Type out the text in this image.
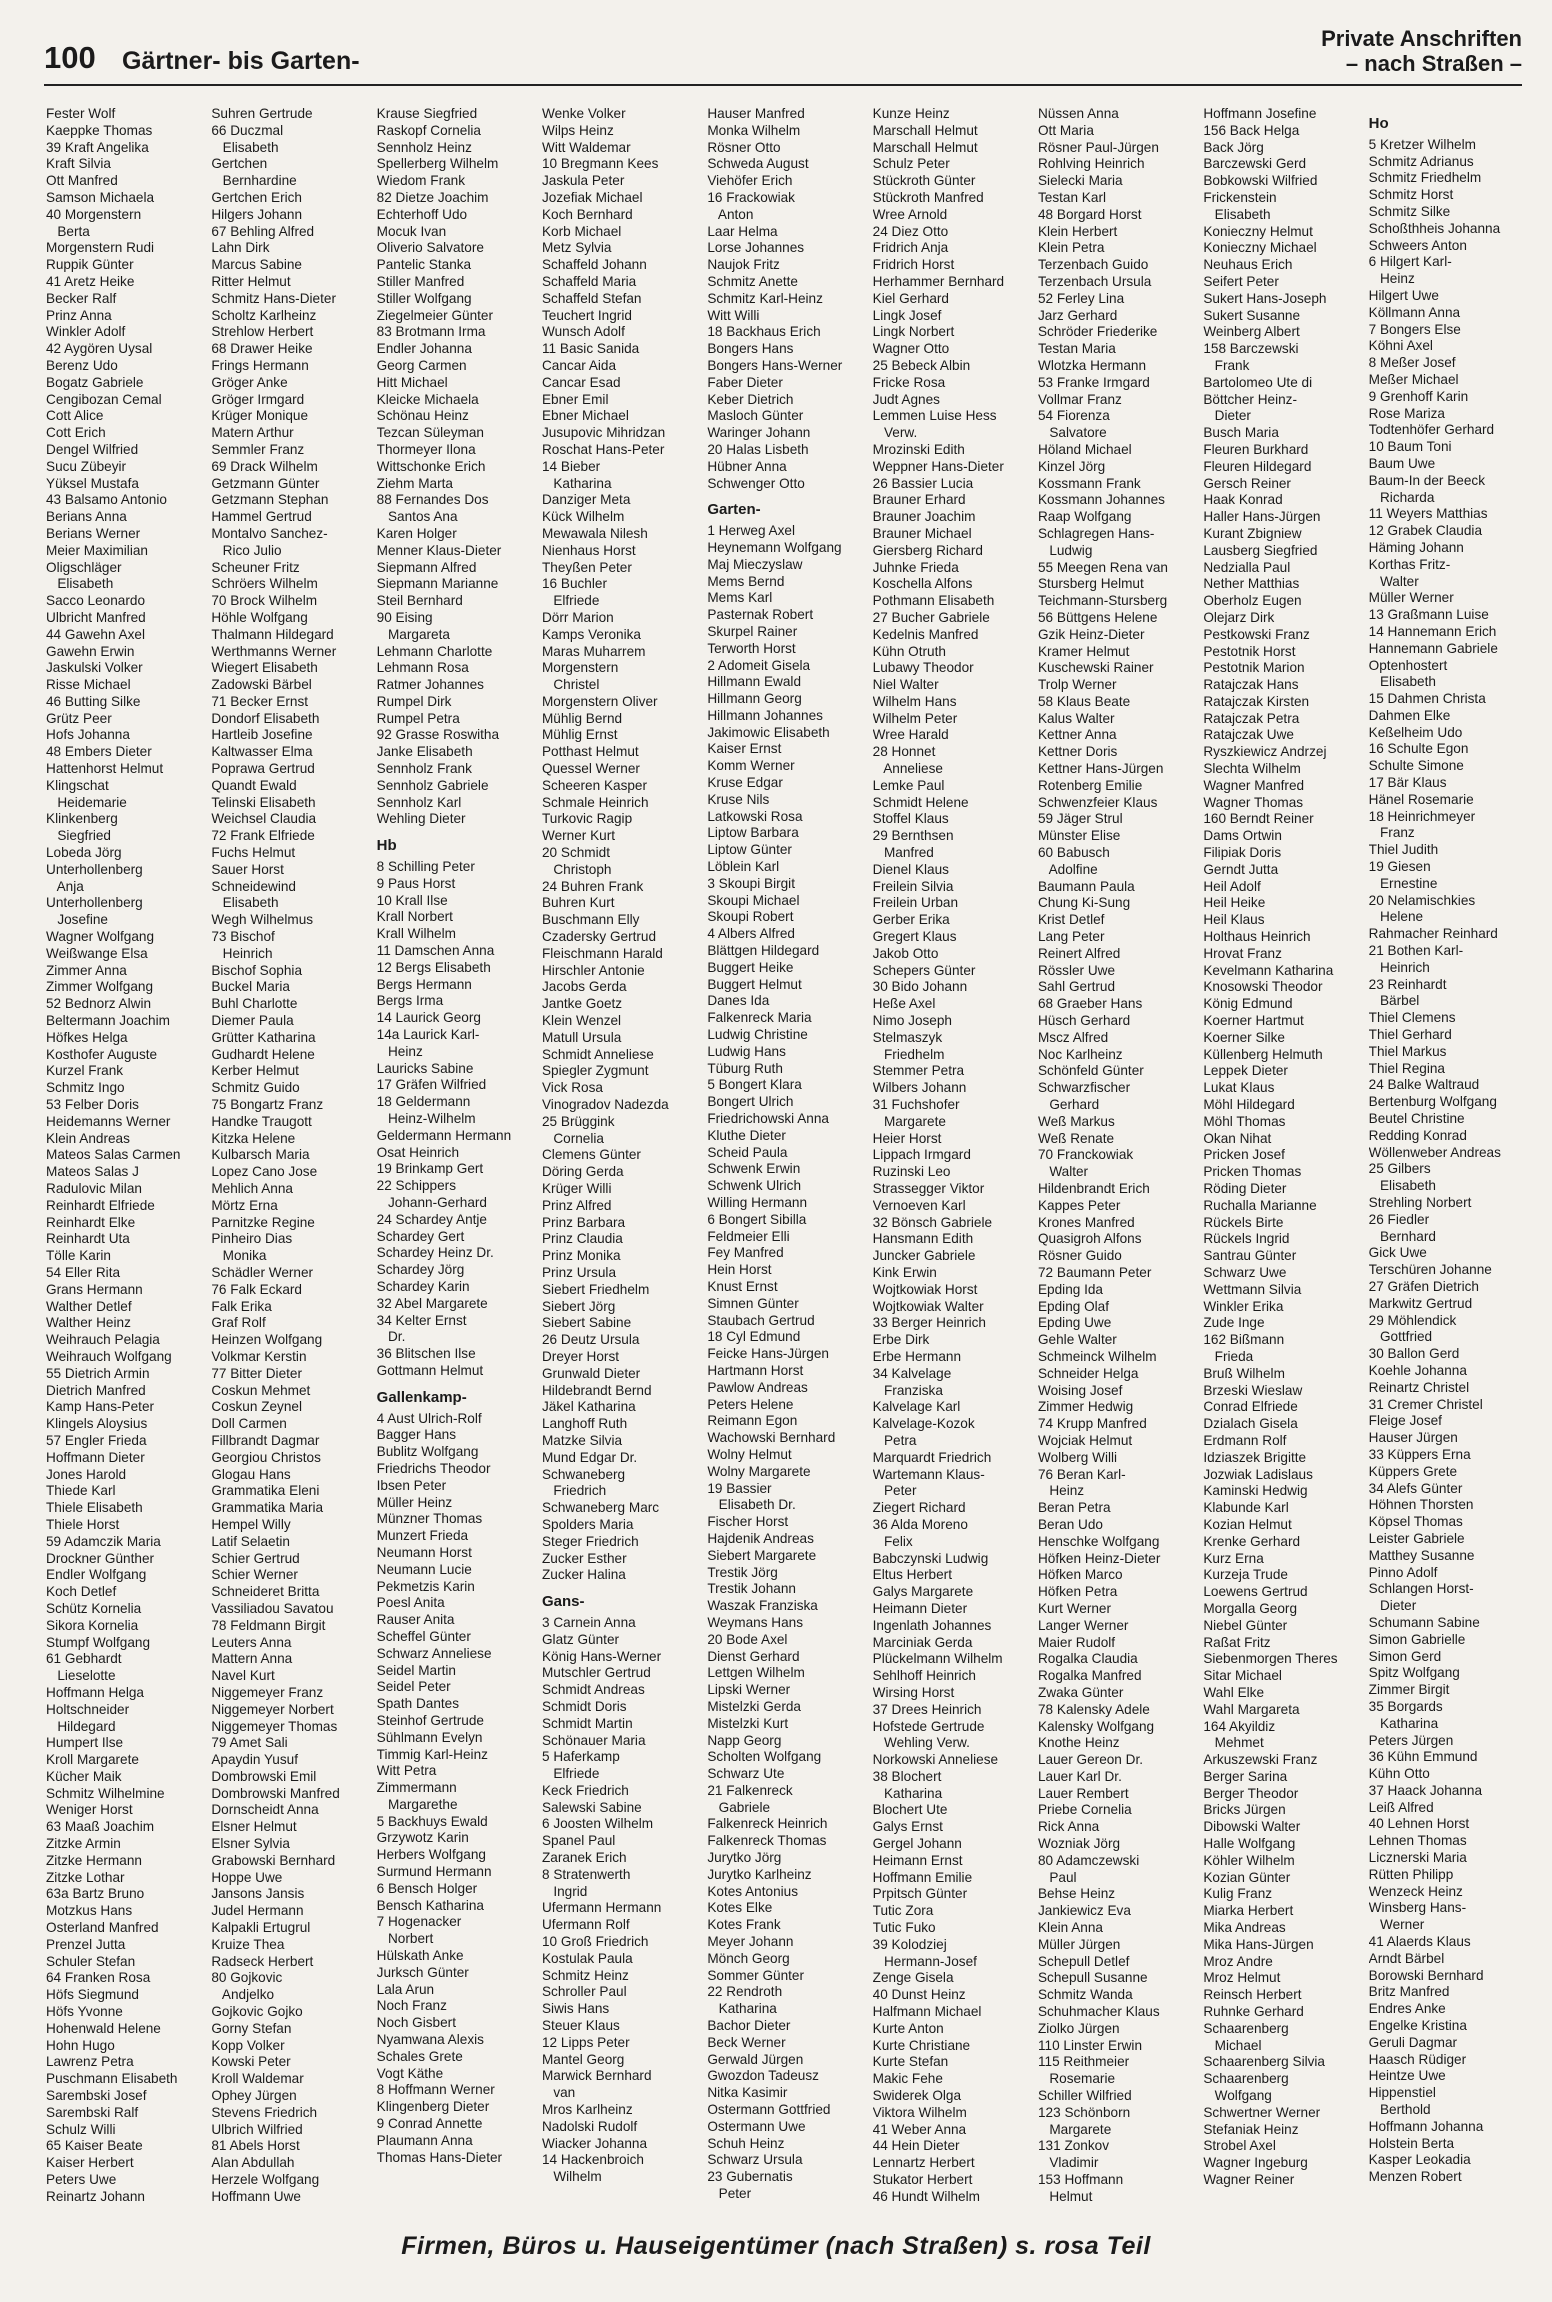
100 Gärtner- bis Garten-
Private Anschriften
– nach Straßen –
Fester Wolf
Kaeppke Thomas
39 Kraft Angelika
Kraft Silvia
Ott Manfred
Samson Michaela
40 Morgenstern
Berta
Morgenstern Rudi
Ruppik Günter
41 Aretz Heike
Becker Ralf
Prinz Anna
Winkler Adolf
42 Aygören Uysal
Berenz Udo
Bogatz Gabriele
Cengibozan Cemal
Cott Alice
Cott Erich
Dengel Wilfried
Sucu Zübeyir
Yüksel Mustafa
43 Balsamo Antonio
Berians Anna
Berians Werner
Meier Maximilian
Oligschläger
Elisabeth
Sacco Leonardo
Ulbricht Manfred
44 Gawehn Axel
Gawehn Erwin
Jaskulski Volker
Risse Michael
46 Butting Silke
Grütz Peer
Hofs Johanna
48 Embers Dieter
Hattenhorst Helmut
Klingschat
Heidemarie
Klinkenberg
Siegfried
Lobeda Jörg
Unterhollenberg
Anja
Unterhollenberg
Josefine
Wagner Wolfgang
Weißwange Elsa
Zimmer Anna
Zimmer Wolfgang
52 Bednorz Alwin
Beltermann Joachim
Höfkes Helga
Kosthofer Auguste
Kurzel Frank
Schmitz Ingo
53 Felber Doris
Heidemanns Werner
Klein Andreas
Mateos Salas Carmen
Mateos Salas J
Radulovic Milan
Reinhardt Elfriede
Reinhardt Elke
Reinhardt Uta
Tölle Karin
54 Eller Rita
Grans Hermann
Walther Detlef
Walther Heinz
Weihrauch Pelagia
Weihrauch Wolfgang
55 Dietrich Armin
Dietrich Manfred
Kamp Hans-Peter
Klingels Aloysius
57 Engler Frieda
Hoffmann Dieter
Jones Harold
Thiede Karl
Thiele Elisabeth
Thiele Horst
59 Adamczik Maria
Drockner Günther
Endler Wolfgang
Koch Detlef
Schütz Kornelia
Sikora Kornelia
Stumpf Wolfgang
61 Gebhardt
Lieselotte
Hoffmann Helga
Holtschneider
Hildegard
Humpert Ilse
Kroll Margarete
Kücher Maik
Schmitz Wilhelmine
Weniger Horst
63 Maaß Joachim
Zitzke Armin
Zitzke Hermann
Zitzke Lothar
63a Bartz Bruno
Motzkus Hans
Osterland Manfred
Prenzel Jutta
Schuler Stefan
64 Franken Rosa
Höfs Siegmund
Höfs Yvonne
Hohenwald Helene
Hohn Hugo
Lawrenz Petra
Puschmann Elisabeth
Sarembski Josef
Sarembski Ralf
Schulz Willi
65 Kaiser Beate
Kaiser Herbert
Peters Uwe
Reinartz Johann
Suhren Gertrude
66 Duczmal
Elisabeth
Gertchen
Bernhardine
Gertchen Erich
Hilgers Johann
67 Behling Alfred
Lahn Dirk
Marcus Sabine
Ritter Helmut
Schmitz Hans-Dieter
Scholtz Karlheinz
Strehlow Herbert
68 Drawer Heike
Frings Hermann
Gröger Anke
Gröger Irmgard
Krüger Monique
Matern Arthur
Semmler Franz
69 Drack Wilhelm
Getzmann Günter
Getzmann Stephan
Hammel Gertrud
Montalvo Sanchez-
Rico Julio
Scheuner Fritz
Schröers Wilhelm
70 Brock Wilhelm
Höhle Wolfgang
Thalmann Hildegard
Werthmanns Werner
Wiegert Elisabeth
Zadowski Bärbel
71 Becker Ernst
Dondorf Elisabeth
Hartleib Josefine
Kaltwasser Elma
Poprawa Gertrud
Quandt Ewald
Telinski Elisabeth
Weichsel Claudia
72 Frank Elfriede
Fuchs Helmut
Sauer Horst
Schneidewind
Elisabeth
Wegh Wilhelmus
73 Bischof
Heinrich
Bischof Sophia
Buckel Maria
Buhl Charlotte
Diemer Paula
Grütter Katharina
Gudhardt Helene
Kerber Helmut
Schmitz Guido
75 Bongartz Franz
Handke Traugott
Kitzka Helene
Kulbarsch Maria
Lopez Cano Jose
Mehlich Anna
Mörtz Erna
Parnitzke Regine
Pinheiro Dias
Monika
Schädler Werner
76 Falk Eckard
Falk Erika
Graf Rolf
Heinzen Wolfgang
Volkmar Kerstin
77 Bitter Dieter
Coskun Mehmet
Coskun Zeynel
Doll Carmen
Fillbrandt Dagmar
Georgiou Christos
Glogau Hans
Grammatika Eleni
Grammatika Maria
Hempel Willy
Latif Selaetin
Schier Gertrud
Schier Werner
Schneideret Britta
Vassiliadou Savatou
78 Feldmann Birgit
Leuters Anna
Mattern Anna
Navel Kurt
Niggemeyer Franz
Niggemeyer Norbert
Niggemeyer Thomas
79 Amet Sali
Apaydin Yusuf
Dombrowski Emil
Dombrowski Manfred
Dornscheidt Anna
Elsner Helmut
Elsner Sylvia
Grabowski Bernhard
Hoppe Uwe
Jansons Jansis
Judel Hermann
Kalpakli Ertugrul
Kruize Thea
Radseck Herbert
80 Gojkovic
Andjelko
Gojkovic Gojko
Gorny Stefan
Kopp Volker
Kowski Peter
Kroll Waldemar
Ophey Jürgen
Stevens Friedrich
Ulbrich Wilfried
81 Abels Horst
Alan Abdullah
Herzele Wolfgang
Hoffmann Uwe
Krause Siegfried
Raskopf Cornelia
Sennholz Heinz
Spellerberg Wilhelm
Wiedom Frank
82 Dietze Joachim
Echterhoff Udo
Mocuk Ivan
Oliverio Salvatore
Pantelic Stanka
Stiller Manfred
Stiller Wolfgang
Ziegelmeier Günter
83 Brotmann Irma
Endler Johanna
Georg Carmen
Hitt Michael
Kleicke Michaela
Schönau Heinz
Tezcan Süleyman
Thormeyer Ilona
Wittschonke Erich
Ziehm Marta
88 Fernandes Dos
Santos Ana
Karen Holger
Menner Klaus-Dieter
Siepmann Alfred
Siepmann Marianne
Steil Bernhard
90 Eising
Margareta
Lehmann Charlotte
Lehmann Rosa
Ratmer Johannes
Rumpel Dirk
Rumpel Petra
92 Grasse Roswitha
Janke Elisabeth
Sennholz Frank
Sennholz Gabriele
Sennholz Karl
Wehling Dieter
Hb
8 Schilling Peter
9 Paus Horst
10 Krall Ilse
Krall Norbert
Krall Wilhelm
11 Damschen Anna
12 Bergs Elisabeth
Bergs Hermann
Bergs Irma
14 Laurick Georg
14a Laurick Karl-
Heinz
Lauricks Sabine
17 Gräfen Wilfried
18 Geldermann
Heinz-Wilhelm
Geldermann Hermann
Osat Heinrich
19 Brinkamp Gert
22 Schippers
Johann-Gerhard
24 Schardey Antje
Schardey Gert
Schardey Heinz Dr.
Schardey Jörg
Schardey Karin
32 Abel Margarete
34 Kelter Ernst
Dr.
36 Blitschen Ilse
Gottmann Helmut
Gallenkamp-
4 Aust Ulrich-Rolf
Bagger Hans
Bublitz Wolfgang
Friedrichs Theodor
Ibsen Peter
Müller Heinz
Münzner Thomas
Munzert Frieda
Neumann Horst
Neumann Lucie
Pekmetzis Karin
Poesl Anita
Rauser Anita
Scheffel Günter
Schwarz Anneliese
Seidel Martin
Seidel Peter
Spath Dantes
Steinhof Gertrude
Sühlmann Evelyn
Timmig Karl-Heinz
Witt Petra
Zimmermann
Margarethe
5 Backhuys Ewald
Grzywotz Karin
Herbers Wolfgang
Surmund Hermann
6 Bensch Holger
Bensch Katharina
7 Hogenacker
Norbert
Hülskath Anke
Jurksch Günter
Lala Arun
Noch Franz
Noch Gisbert
Nyamwana Alexis
Schales Grete
Vogt Käthe
8 Hoffmann Werner
Klingenberg Dieter
9 Conrad Annette
Plaumann Anna
Thomas Hans-Dieter
Wenke Volker
Wilps Heinz
Witt Waldemar
10 Bregmann Kees
Jaskula Peter
Jozefiak Michael
Koch Bernhard
Korb Michael
Metz Sylvia
Schaffeld Johann
Schaffeld Maria
Schaffeld Stefan
Teuchert Ingrid
Wunsch Adolf
11 Basic Sanida
Cancar Aida
Cancar Esad
Ebner Emil
Ebner Michael
Jusupovic Mihridzan
Roschat Hans-Peter
14 Bieber
Katharina
Danziger Meta
Kück Wilhelm
Mewawala Nilesh
Nienhaus Horst
Theyßen Peter
16 Buchler
Elfriede
Dörr Marion
Kamps Veronika
Maras Muharrem
Morgenstern
Christel
Morgenstern Oliver
Mühlig Bernd
Mühlig Ernst
Potthast Helmut
Quessel Werner
Scheeren Kasper
Schmale Heinrich
Turkovic Ragip
Werner Kurt
20 Schmidt
Christoph
24 Buhren Frank
Buhren Kurt
Buschmann Elly
Czadersky Gertrud
Fleischmann Harald
Hirschler Antonie
Jacobs Gerda
Jantke Goetz
Klein Wenzel
Matull Ursula
Schmidt Anneliese
Spiegler Zygmunt
Vick Rosa
Vinogradov Nadezda
25 Brüggink
Cornelia
Clemens Günter
Döring Gerda
Krüger Willi
Prinz Alfred
Prinz Barbara
Prinz Claudia
Prinz Monika
Prinz Ursula
Siebert Friedhelm
Siebert Jörg
Siebert Sabine
26 Deutz Ursula
Dreyer Horst
Grunwald Dieter
Hildebrandt Bernd
Jäkel Katharina
Langhoff Ruth
Matzke Silvia
Mund Edgar Dr.
Schwaneberg
Friedrich
Schwaneberg Marc
Spolders Maria
Steger Friedrich
Zucker Esther
Zucker Halina
Gans-
3 Carnein Anna
Glatz Günter
König Hans-Werner
Mutschler Gertrud
Schmidt Andreas
Schmidt Doris
Schmidt Martin
Schönauer Maria
5 Haferkamp
Elfriede
Keck Friedrich
Salewski Sabine
6 Joosten Wilhelm
Spanel Paul
Zaranek Erich
8 Stratenwerth
Ingrid
Ufermann Hermann
Ufermann Rolf
10 Groß Friedrich
Kostulak Paula
Schmitz Heinz
Schroller Paul
Siwis Hans
Steuer Klaus
12 Lipps Peter
Mantel Georg
Marwick Bernhard
van
Mros Karlheinz
Nadolski Rudolf
Wiacker Johanna
14 Hackenbroich
Wilhelm
Hauser Manfred
Monka Wilhelm
Rösner Otto
Schweda August
Viehöfer Erich
16 Frackowiak
Anton
Laar Helma
Lorse Johannes
Naujok Fritz
Schmitz Anette
Schmitz Karl-Heinz
Witt Willi
18 Backhaus Erich
Bongers Hans
Bongers Hans-Werner
Faber Dieter
Keber Dietrich
Masloch Günter
Waringer Johann
20 Halas Lisbeth
Hübner Anna
Schwenger Otto
Garten-
1 Herweg Axel
Heynemann Wolfgang
Maj Mieczyslaw
Mems Bernd
Mems Karl
Pasternak Robert
Skurpel Rainer
Terworth Horst
2 Adomeit Gisela
Hillmann Ewald
Hillmann Georg
Hillmann Johannes
Jakimowic Elisabeth
Kaiser Ernst
Komm Werner
Kruse Edgar
Kruse Nils
Latkowski Rosa
Liptow Barbara
Liptow Günter
Löblein Karl
3 Skoupi Birgit
Skoupi Michael
Skoupi Robert
4 Albers Alfred
Blättgen Hildegard
Buggert Heike
Buggert Helmut
Danes Ida
Falkenreck Maria
Ludwig Christine
Ludwig Hans
Tüburg Ruth
5 Bongert Klara
Bongert Ulrich
Friedrichowski Anna
Kluthe Dieter
Scheid Paula
Schwenk Erwin
Schwenk Ulrich
Willing Hermann
6 Bongert Sibilla
Feldmeier Elli
Fey Manfred
Hein Horst
Knust Ernst
Simnen Günter
Staubach Gertrud
18 Cyl Edmund
Feicke Hans-Jürgen
Hartmann Horst
Pawlow Andreas
Peters Helene
Reimann Egon
Wachowski Bernhard
Wolny Helmut
Wolny Margarete
19 Bassier
Elisabeth Dr.
Fischer Horst
Hajdenik Andreas
Siebert Margarete
Trestik Jörg
Trestik Johann
Waszak Franziska
Weymans Hans
20 Bode Axel
Dienst Gerhard
Lettgen Wilhelm
Lipski Werner
Mistelzki Gerda
Mistelzki Kurt
Napp Georg
Scholten Wolfgang
Schwarz Ute
21 Falkenreck
Gabriele
Falkenreck Heinrich
Falkenreck Thomas
Jurytko Jörg
Jurytko Karlheinz
Kotes Antonius
Kotes Elke
Kotes Frank
Meyer Johann
Mönch Georg
Sommer Günter
22 Rendroth
Katharina
Bachor Dieter
Beck Werner
Gerwald Jürgen
Gwozdon Tadeusz
Nitka Kasimir
Ostermann Gottfried
Ostermann Uwe
Schuh Heinz
Schwarz Ursula
23 Gubernatis
Peter
Kunze Heinz
Marschall Helmut
Marschall Helmut
Schulz Peter
Stückroth Günter
Stückroth Manfred
Wree Arnold
24 Diez Otto
Fridrich Anja
Fridrich Horst
Herhammer Bernhard
Kiel Gerhard
Lingk Josef
Lingk Norbert
Wagner Otto
25 Bebeck Albin
Fricke Rosa
Judt Agnes
Lemmen Luise Hess
Verw.
Mrozinski Edith
Weppner Hans-Dieter
26 Bassier Lucia
Brauner Erhard
Brauner Joachim
Brauner Michael
Giersberg Richard
Juhnke Frieda
Koschella Alfons
Pothmann Elisabeth
27 Bucher Gabriele
Kedelnis Manfred
Kühn Otruth
Lubawy Theodor
Niel Walter
Wilhelm Hans
Wilhelm Peter
Wree Harald
28 Honnet
Anneliese
Lemke Paul
Schmidt Helene
Stoffel Klaus
29 Bernthsen
Manfred
Dienel Klaus
Freilein Silvia
Freilein Urban
Gerber Erika
Gregert Klaus
Jakob Otto
Schepers Günter
30 Bido Johann
Heße Axel
Nimo Joseph
Stelmaszyk
Friedhelm
Stemmer Petra
Wilbers Johann
31 Fuchshofer
Margarete
Heier Horst
Lippach Irmgard
Ruzinski Leo
Strassegger Viktor
Vernoeven Karl
32 Bönsch Gabriele
Hansmann Edith
Juncker Gabriele
Kink Erwin
Wojtkowiak Horst
Wojtkowiak Walter
33 Berger Heinrich
Erbe Dirk
Erbe Hermann
34 Kalvelage
Franziska
Kalvelage Karl
Kalvelage-Kozok
Petra
Marquardt Friedrich
Wartemann Klaus-
Peter
Ziegert Richard
36 Alda Moreno
Felix
Babczynski Ludwig
Eltus Herbert
Galys Margarete
Heimann Dieter
Ingenlath Johannes
Marciniak Gerda
Plückelmann Wilhelm
Sehlhoff Heinrich
Wirsing Horst
37 Drees Heinrich
Hofstede Gertrude
Wehling Verw.
Norkowski Anneliese
38 Blochert
Katharina
Blochert Ute
Galys Ernst
Gergel Johann
Heimann Ernst
Hoffmann Emilie
Prpitsch Günter
Tutic Zora
Tutic Fuko
39 Kolodziej
Hermann-Josef
Zenge Gisela
40 Dunst Heinz
Halfmann Michael
Kurte Anton
Kurte Christiane
Kurte Stefan
Makic Fehe
Swiderek Olga
Viktora Wilhelm
41 Weber Anna
44 Hein Dieter
Lennartz Herbert
Stukator Herbert
46 Hundt Wilhelm
Nüssen Anna
Ott Maria
Rösner Paul-Jürgen
Rohlving Heinrich
Sielecki Maria
Testan Karl
48 Borgard Horst
Klein Herbert
Klein Petra
Terzenbach Guido
Terzenbach Ursula
52 Ferley Lina
Jarz Gerhard
Schröder Friederike
Testan Maria
Wlotzka Hermann
53 Franke Irmgard
Vollmar Franz
54 Fiorenza
Salvatore
Höland Michael
Kinzel Jörg
Kossmann Frank
Kossmann Johannes
Raap Wolfgang
Schlagregen Hans-
Ludwig
55 Meegen Rena van
Stursberg Helmut
Teichmann-Stursberg
56 Büttgens Helene
Gzik Heinz-Dieter
Kramer Helmut
Kuschewski Rainer
Trolp Werner
58 Klaus Beate
Kalus Walter
Kettner Anna
Kettner Doris
Kettner Hans-Jürgen
Rotenberg Emilie
Schwenzfeier Klaus
59 Jäger Strul
Münster Elise
60 Babusch
Adolfine
Baumann Paula
Chung Ki-Sung
Krist Detlef
Lang Peter
Reinert Alfred
Rössler Uwe
Sahl Gertrud
68 Graeber Hans
Hüsch Gerhard
Mscz Alfred
Noc Karlheinz
Schönfeld Günter
Schwarzfischer
Gerhard
Weß Markus
Weß Renate
70 Franckowiak
Walter
Hildenbrandt Erich
Kappes Peter
Krones Manfred
Quasigroh Alfons
Rösner Guido
72 Baumann Peter
Epding Ida
Epding Olaf
Epding Uwe
Gehle Walter
Schmeinck Wilhelm
Schneider Helga
Woising Josef
Zimmer Hedwig
74 Krupp Manfred
Wojciak Helmut
Wolberg Willi
76 Beran Karl-
Heinz
Beran Petra
Beran Udo
Henschke Wolfgang
Höfken Heinz-Dieter
Höfken Marco
Höfken Petra
Kurt Werner
Langer Werner
Maier Rudolf
Rogalka Claudia
Rogalka Manfred
Zwaka Günter
78 Kalensky Adele
Kalensky Wolfgang
Knothe Heinz
Lauer Gereon Dr.
Lauer Karl Dr.
Lauer Rembert
Priebe Cornelia
Rick Anna
Wozniak Jörg
80 Adamczewski
Paul
Behse Heinz
Jankiewicz Eva
Klein Anna
Müller Jürgen
Schepull Detlef
Schepull Susanne
Schmitz Wanda
Schuhmacher Klaus
Ziolko Jürgen
110 Linster Erwin
115 Reithmeier
Rosemarie
Schiller Wilfried
123 Schönborn
Margarete
131 Zonkov
Vladimir
153 Hoffmann
Helmut
Hoffmann Josefine
156 Back Helga
Back Jörg
Barczewski Gerd
Bobkowski Wilfried
Frickenstein
Elisabeth
Konieczny Helmut
Konieczny Michael
Neuhaus Erich
Seifert Peter
Sukert Hans-Joseph
Sukert Susanne
Weinberg Albert
158 Barczewski
Frank
Bartolomeo Ute di
Böttcher Heinz-
Dieter
Busch Maria
Fleuren Burkhard
Fleuren Hildegard
Gersch Reiner
Haak Konrad
Haller Hans-Jürgen
Kurant Zbigniew
Lausberg Siegfried
Nedzialla Paul
Nether Matthias
Oberholz Eugen
Olejarz Dirk
Pestkowski Franz
Pestotnik Horst
Pestotnik Marion
Ratajczak Hans
Ratajczak Kirsten
Ratajczak Petra
Ratajczak Uwe
Ryszkiewicz Andrzej
Slechta Wilhelm
Wagner Manfred
Wagner Thomas
160 Berndt Reiner
Dams Ortwin
Filipiak Doris
Gerndt Jutta
Heil Adolf
Heil Heike
Heil Klaus
Holthaus Heinrich
Hrovat Franz
Kevelmann Katharina
Knosowski Theodor
König Edmund
Koerner Hartmut
Koerner Silke
Küllenberg Helmuth
Leppek Dieter
Lukat Klaus
Möhl Hildegard
Möhl Thomas
Okan Nihat
Pricken Josef
Pricken Thomas
Röding Dieter
Ruchalla Marianne
Rückels Birte
Rückels Ingrid
Santrau Günter
Schwarz Uwe
Wettmann Silvia
Winkler Erika
Zude Inge
162 Bißmann
Frieda
Bruß Wilhelm
Brzeski Wieslaw
Conrad Elfriede
Dzialach Gisela
Erdmann Rolf
Idziaszek Brigitte
Jozwiak Ladislaus
Kaminski Hedwig
Klabunde Karl
Kozian Helmut
Krenke Gerhard
Kurz Erna
Kurzeja Trude
Loewens Gertrud
Morgalla Georg
Niebel Günter
Raßat Fritz
Siebenmorgen Theres
Sitar Michael
Wahl Elke
Wahl Margareta
164 Akyildiz
Mehmet
Arkuszewski Franz
Berger Sarina
Berger Theodor
Bricks Jürgen
Dibowski Walter
Halle Wolfgang
Köhler Wilhelm
Kozian Günter
Kulig Franz
Miarka Herbert
Mika Andreas
Mika Hans-Jürgen
Mroz Andre
Mroz Helmut
Reinsch Herbert
Ruhnke Gerhard
Schaarenberg
Michael
Schaarenberg Silvia
Schaarenberg
Wolfgang
Schwertner Werner
Stefaniak Heinz
Strobel Axel
Wagner Ingeburg
Wagner Reiner
Ho
5 Kretzer Wilhelm
Schmitz Adrianus
Schmitz Friedhelm
Schmitz Horst
Schmitz Silke
Schoßthheis Johanna
Schweers Anton
6 Hilgert Karl-
Heinz
Hilgert Uwe
Köllmann Anna
7 Bongers Else
Köhni Axel
8 Meßer Josef
Meßer Michael
9 Grenhoff Karin
Rose Mariza
Todtenhöfer Gerhard
10 Baum Toni
Baum Uwe
Baum-In der Beeck
Richarda
11 Weyers Matthias
12 Grabek Claudia
Häming Johann
Korthas Fritz-
Walter
Müller Werner
13 Graßmann Luise
14 Hannemann Erich
Hannemann Gabriele
Optenhostert
Elisabeth
15 Dahmen Christa
Dahmen Elke
Keßelheim Udo
16 Schulte Egon
Schulte Simone
17 Bär Klaus
Hänel Rosemarie
18 Heinrichmeyer
Franz
Thiel Judith
19 Giesen
Ernestine
20 Nelamischkies
Helene
Rahmacher Reinhard
21 Bothen Karl-
Heinrich
23 Reinhardt
Bärbel
Thiel Clemens
Thiel Gerhard
Thiel Markus
Thiel Regina
24 Balke Waltraud
Bertenburg Wolfgang
Beutel Christine
Redding Konrad
Wöllenweber Andreas
25 Gilbers
Elisabeth
Strehling Norbert
26 Fiedler
Bernhard
Gick Uwe
Terschüren Johanne
27 Gräfen Dietrich
Markwitz Gertrud
29 Möhlendick
Gottfried
30 Ballon Gerd
Koehle Johanna
Reinartz Christel
31 Cremer Christel
Fleige Josef
Hauser Jürgen
33 Küppers Erna
Küppers Grete
34 Alefs Günter
Höhnen Thorsten
Köpsel Thomas
Leister Gabriele
Matthey Susanne
Pinno Adolf
Schlangen Horst-
Dieter
Schumann Sabine
Simon Gabrielle
Simon Gerd
Spitz Wolfgang
Zimmer Birgit
35 Borgards
Katharina
Peters Jürgen
36 Kühn Emmund
Kühn Otto
37 Haack Johanna
Leiß Alfred
40 Lehnen Horst
Lehnen Thomas
Licznerski Maria
Rütten Philipp
Wenzeck Heinz
Winsberg Hans-
Werner
41 Alaerds Klaus
Arndt Bärbel
Borowski Bernhard
Britz Manfred
Endres Anke
Engelke Kristina
Geruli Dagmar
Haasch Rüdiger
Heintze Uwe
Hippenstiel
Berthold
Hoffmann Johanna
Holstein Berta
Kasper Leokadia
Menzen Robert
Firmen, Büros u. Hauseigentümer (nach Straßen) s. rosa Teil
